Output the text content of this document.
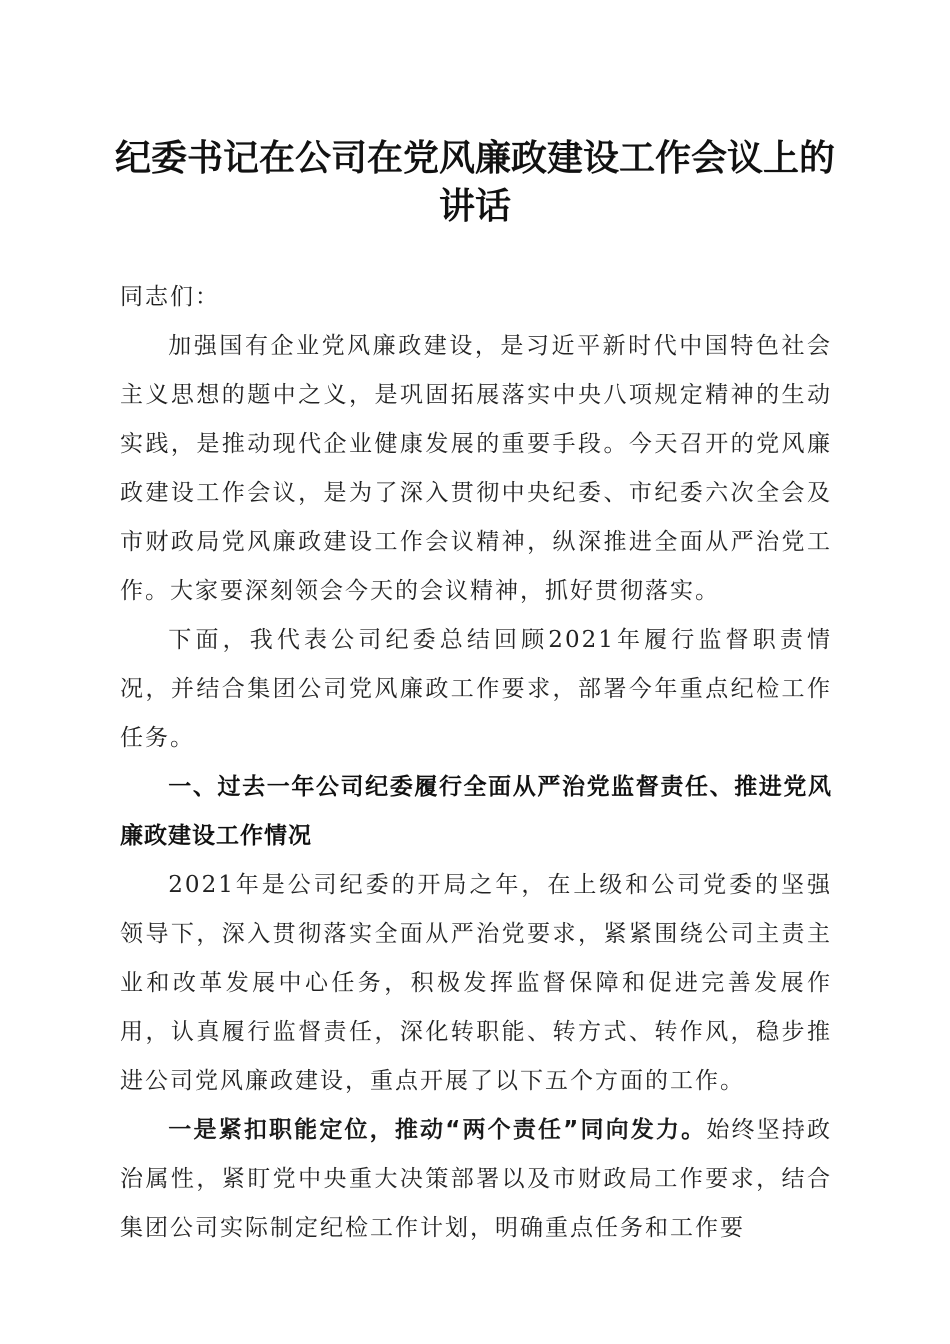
纪委书记在公司在党风廉政建设工作会议上的
讲话

同志们：

加强国有企业党风廉政建设，是习近平新时代中国特色社会主义思想的题中之义，是巩固拓展落实中央八项规定精神的生动实践，是推动现代企业健康发展的重要手段。今天召开的党风廉政建设工作会议，是为了深入贯彻中央纪委、市纪委六次全会及市财政局党风廉政建设工作会议精神，纵深推进全面从严治党工作。大家要深刻领会今天的会议精神，抓好贯彻落实。

下面，我代表公司纪委总结回顾2021年履行监督职责情况，并结合集团公司党风廉政工作要求，部署今年重点纪检工作任务。

一、过去一年公司纪委履行全面从严治党监督责任、推进党风廉政建设工作情况

2021年是公司纪委的开局之年，在上级和公司党委的坚强领导下，深入贯彻落实全面从严治党要求，紧紧围绕公司主责主业和改革发展中心任务，积极发挥监督保障和促进完善发展作用，认真履行监督责任，深化转职能、转方式、转作风，稳步推进公司党风廉政建设，重点开展了以下五个方面的工作。

一是紧扣职能定位，推动“两个责任”同向发力。始终坚持政治属性，紧盯党中央重大决策部署以及市财政局工作要求，结合集团公司实际制定纪检工作计划，明确重点任务和工作要
